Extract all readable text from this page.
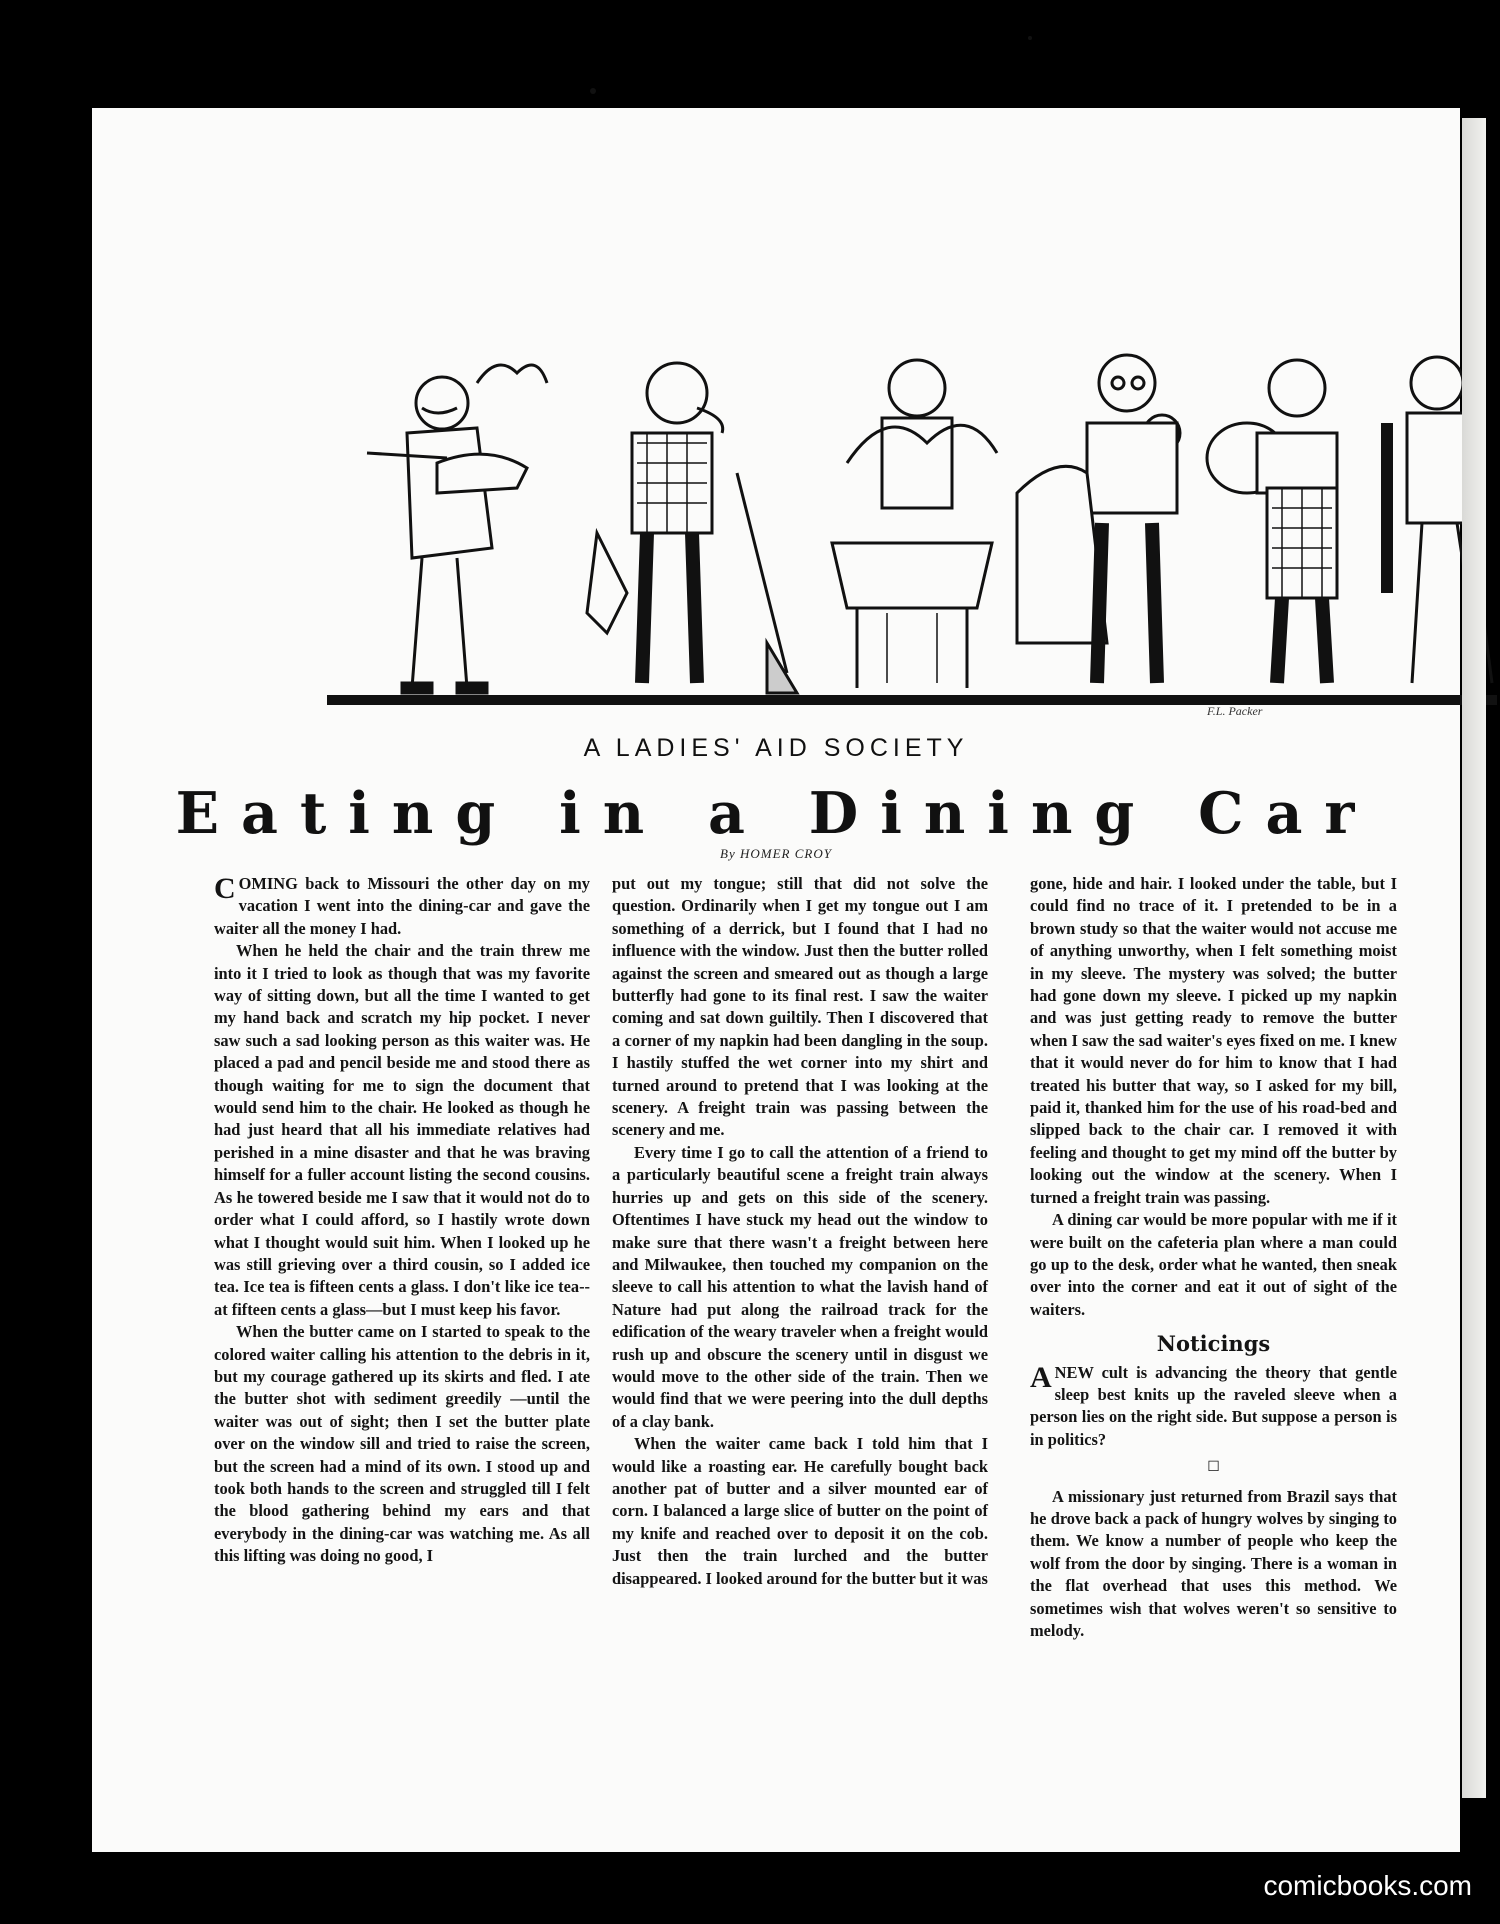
F.L. Packer
A LADIES' AID SOCIETY
Eating in a Dining Car
By HOMER CROY

COMING back to Missouri the other day on my vacation I went into the dining-car and gave the waiter all the money I had.

When he held the chair and the train threw me into it I tried to look as though that was my favorite way of sitting down, but all the time I wanted to get my hand back and scratch my hip pocket. I never saw such a sad looking person as this waiter was. He placed a pad and pencil beside me and stood there as though waiting for me to sign the document that would send him to the chair. He looked as though he had just heard that all his immediate relatives had perished in a mine disaster and that he was braving himself for a fuller account listing the second cousins. As he towered beside me I saw that it would not do to order what I could afford, so I hastily wrote down what I thought would suit him. When I looked up he was still grieving over a third cousin, so I added ice tea. Ice tea is fifteen cents a glass. I don't like ice tea--at fifteen cents a glass—but I must keep his favor.

When the butter came on I started to speak to the colored waiter calling his attention to the debris in it, but my courage gathered up its skirts and fled. I ate the butter shot with sediment greedily —until the waiter was out of sight; then I set the butter plate over on the window sill and tried to raise the screen, but the screen had a mind of its own. I stood up and took both hands to the screen and struggled till I felt the blood gathering behind my ears and that everybody in the dining-car was watching me. As all this lifting was doing no good, I

put out my tongue; still that did not solve the question. Ordinarily when I get my tongue out I am something of a derrick, but I found that I had no influence with the window. Just then the butter rolled against the screen and smeared out as though a large butterfly had gone to its final rest. I saw the waiter coming and sat down guiltily. Then I discovered that a corner of my napkin had been dangling in the soup. I hastily stuffed the wet corner into my shirt and turned around to pretend that I was looking at the scenery. A freight train was passing between the scenery and me.

Every time I go to call the attention of a friend to a particularly beautiful scene a freight train always hurries up and gets on this side of the scenery. Oftentimes I have stuck my head out the window to make sure that there wasn't a freight between here and Milwaukee, then touched my companion on the sleeve to call his attention to what the lavish hand of Nature had put along the railroad track for the edification of the weary traveler when a freight would rush up and obscure the scenery until in disgust we would move to the other side of the train. Then we would find that we were peering into the dull depths of a clay bank.

When the waiter came back I told him that I would like a roasting ear. He carefully bought back another pat of butter and a silver mounted ear of corn. I balanced a large slice of butter on the point of my knife and reached over to deposit it on the cob. Just then the train lurched and the butter disappeared. I looked around for the butter but it was

gone, hide and hair. I looked under the table, but I could find no trace of it. I pretended to be in a brown study so that the waiter would not accuse me of anything unworthy, when I felt something moist in my sleeve. The mystery was solved; the butter had gone down my sleeve. I picked up my napkin and was just getting ready to remove the butter when I saw the sad waiter's eyes fixed on me. I knew that it would never do for him to know that I had treated his butter that way, so I asked for my bill, paid it, thanked him for the use of his road-bed and slipped back to the chair car. I removed it with feeling and thought to get my mind off the butter by looking out the window at the scenery. When I turned a freight train was passing.

A dining car would be more popular with me if it were built on the cafeteria plan where a man could go up to the desk, order what he wanted, then sneak over into the corner and eat it out of sight of the waiters.

Noticings

A NEW cult is advancing the theory that gentle sleep best knits up the raveled sleeve when a person lies on the right side. But suppose a person is in politics?

☐

A missionary just returned from Brazil says that he drove back a pack of hungry wolves by singing to them. We know a number of people who keep the wolf from the door by singing. There is a woman in the flat overhead that uses this method. We sometimes wish that wolves weren't so sensitive to melody.

comicbooks.com
